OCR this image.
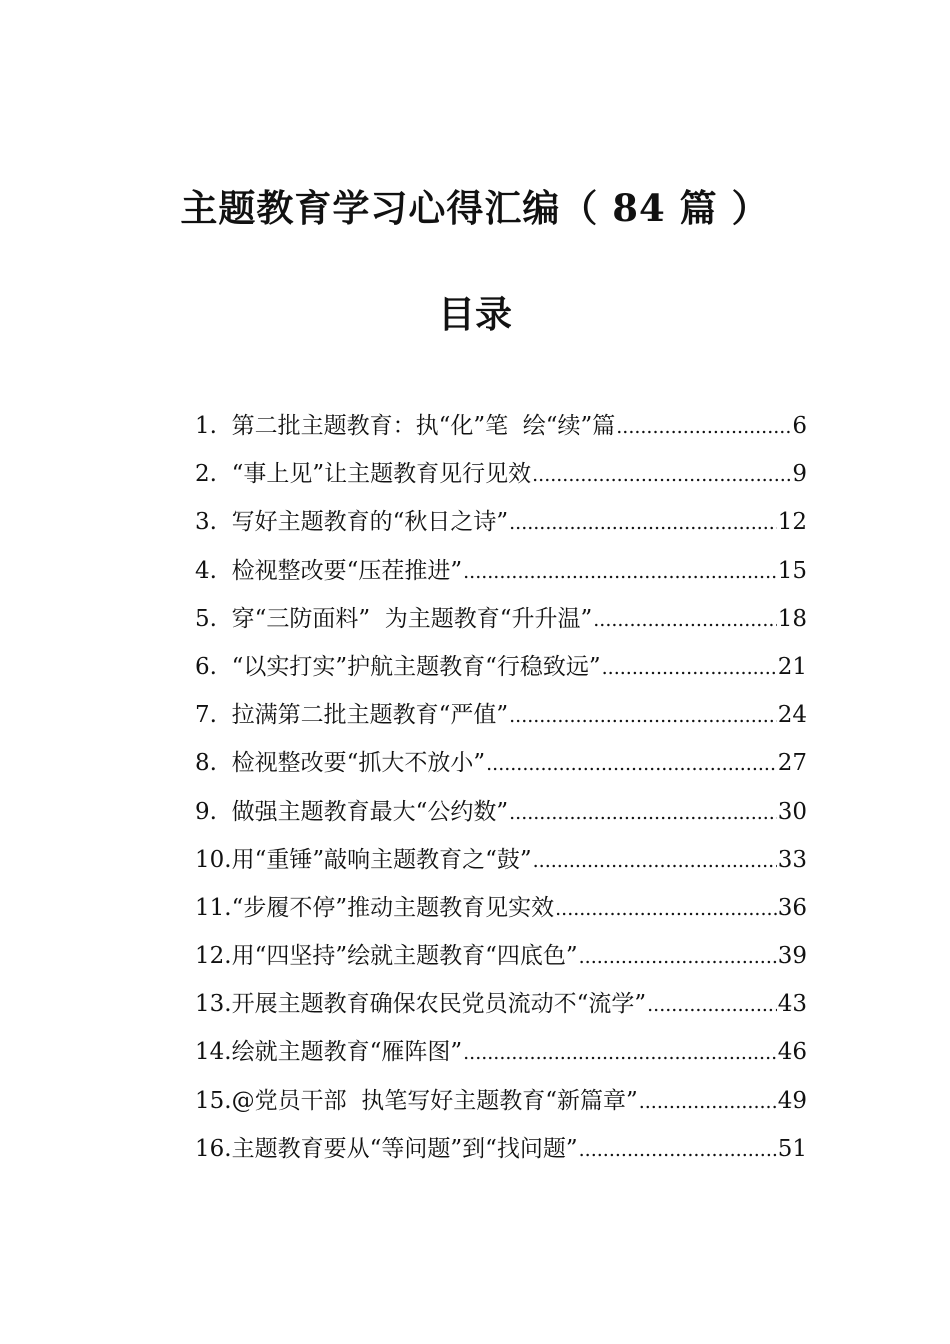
主题教育学习心得汇编（ 84 篇 ）
目录
1. 第二批主题教育：执“化”笔  绘“续”篇 .....	6
2. “事上见”让主题教育见行见效 .....	9
3. 写好主题教育的“秋日之诗” .....	12
4. 检视整改要“压茬推进” .....	15
5. 穿“三防面料”  为主题教育“升升温” .....	18
6. “以实打实”护航主题教育“行稳致远” .....	21
7. 拉满第二批主题教育“严值” .....	24
8. 检视整改要“抓大不放小” .....	27
9. 做强主题教育最大“公约数” .....	30
10. 用“重锤”敲响主题教育之“鼓” .....	33
11. “步履不停”推动主题教育见实效 .....	36
12. 用“四坚持”绘就主题教育“四底色” .....	39
13. 开展主题教育确保农民党员流动不“流学” .....	43
14. 绘就主题教育“雁阵图” .....	46
15. @党员干部  执笔写好主题教育“新篇章” .....	49
16. 主题教育要从“等问题”到“找问题” .....	51
